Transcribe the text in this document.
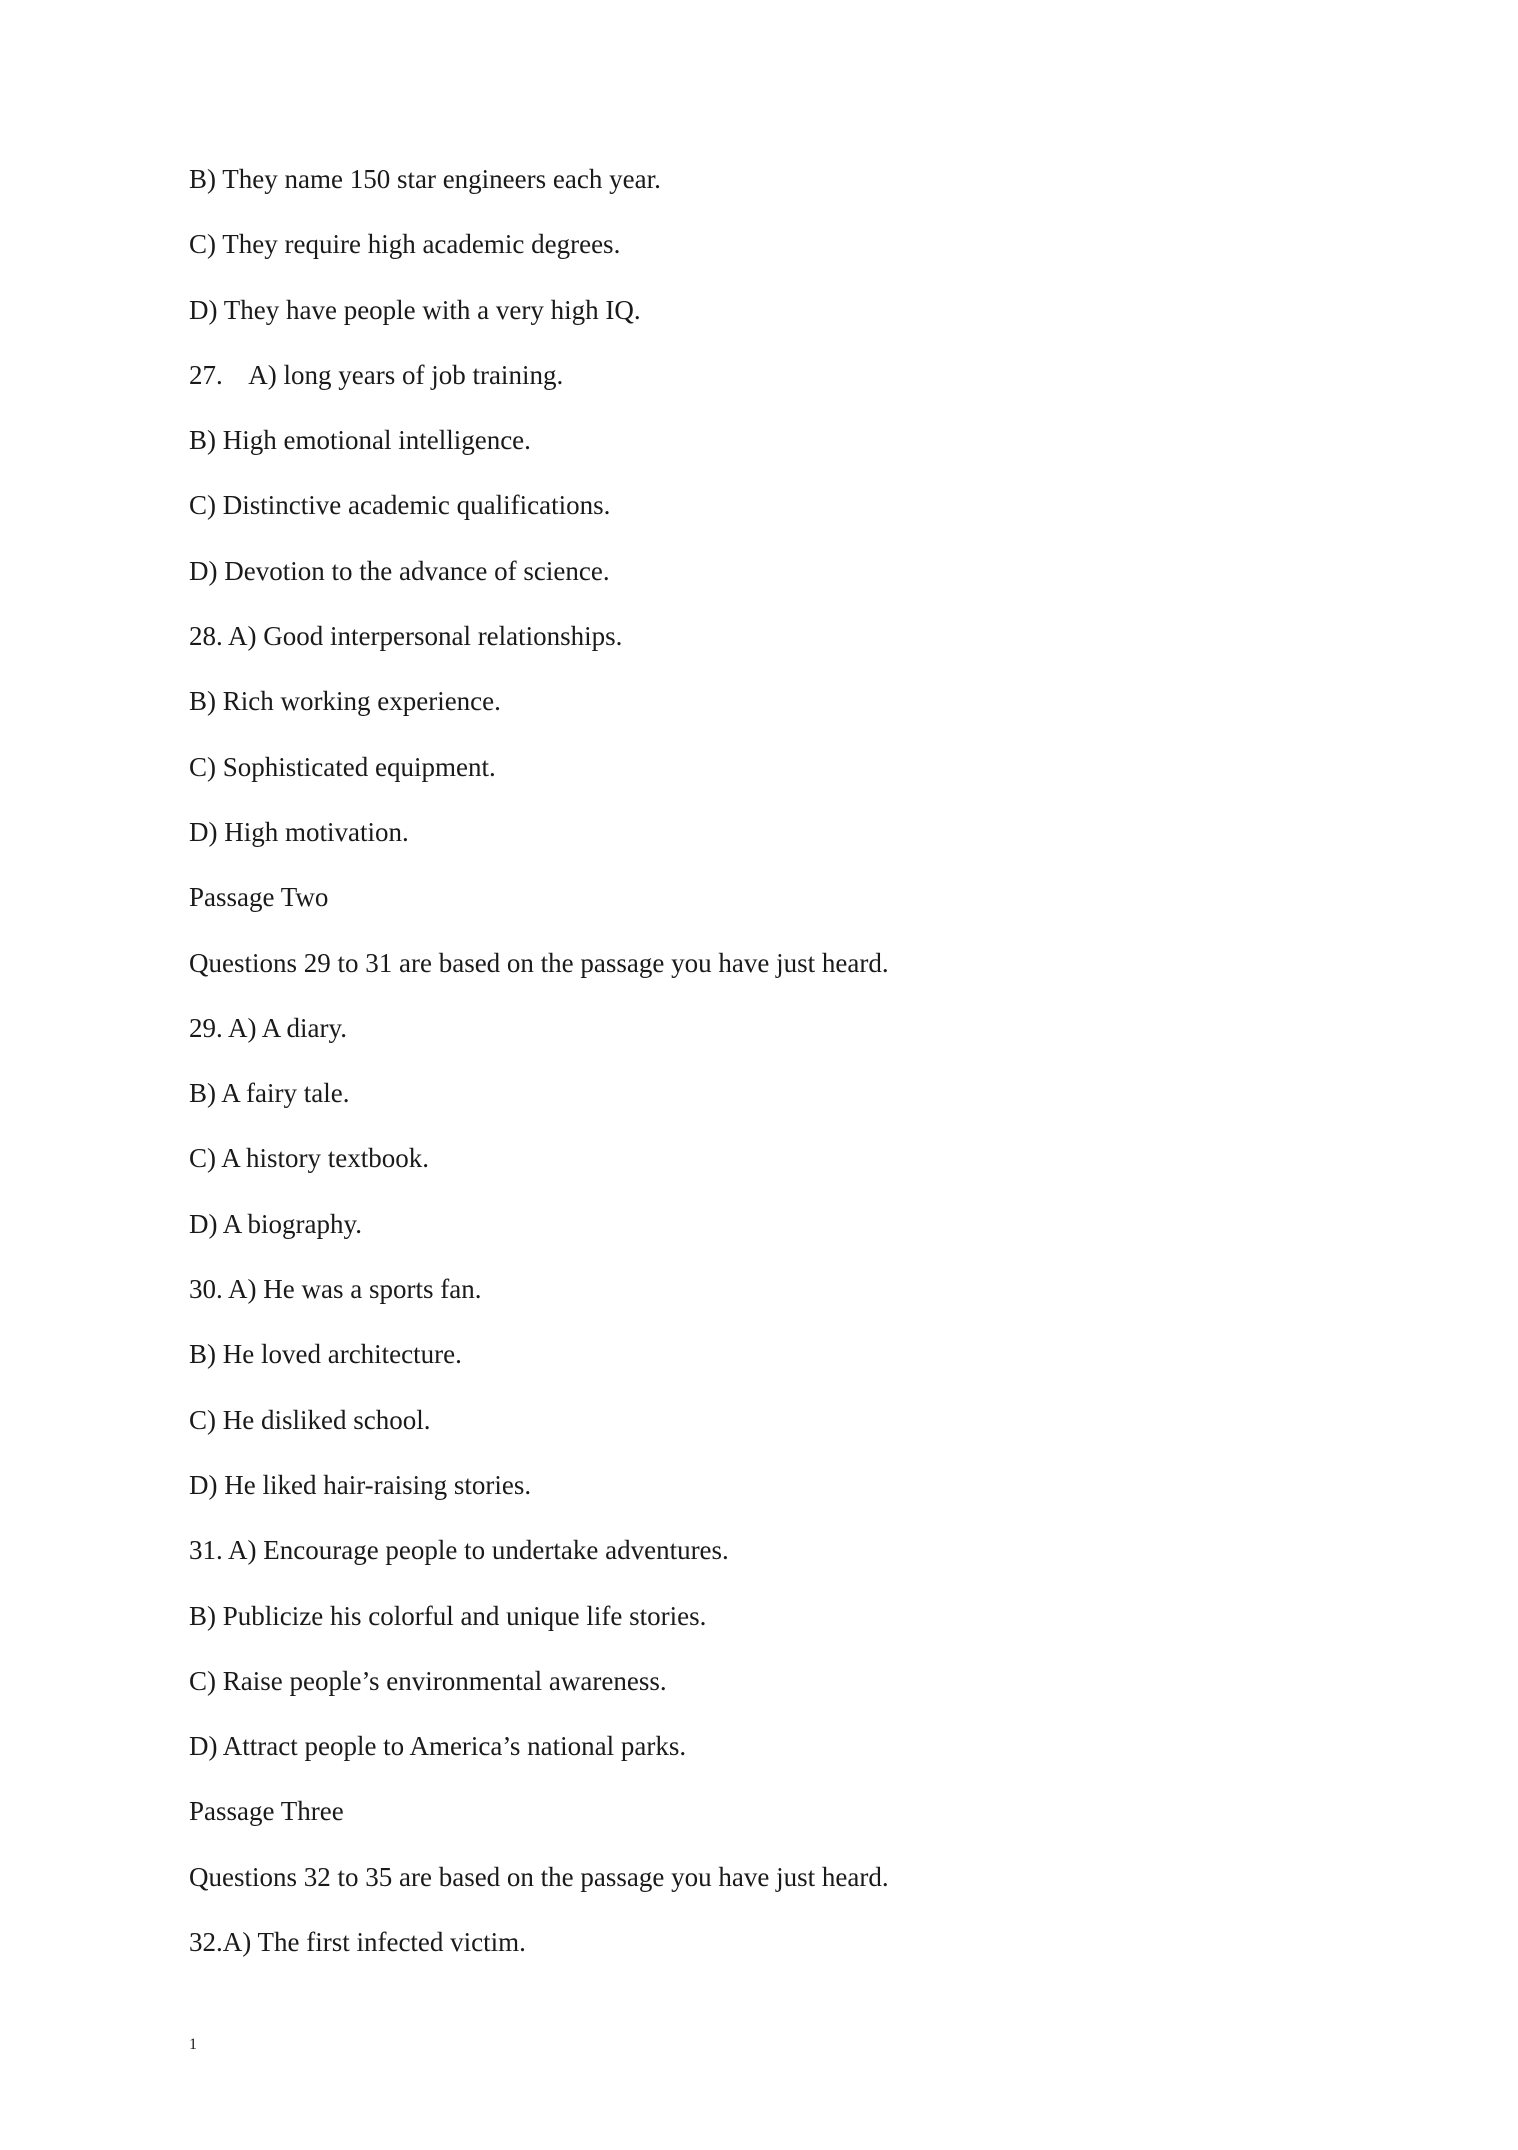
B) They name 150 star engineers each year.
C) They require high academic degrees.
D) They have people with a very high IQ.
27.    A) long years of job training.
B) High emotional intelligence.
C) Distinctive academic qualifications.
D) Devotion to the advance of science.
28. A) Good interpersonal relationships.
B) Rich working experience.
C) Sophisticated equipment.
D) High motivation.
Passage Two
Questions 29 to 31 are based on the passage you have just heard.
29. A) A diary.
B) A fairy tale.
C) A history textbook.
D) A biography.
30. A) He was a sports fan.
B) He loved architecture.
C) He disliked school.
D) He liked hair-raising stories.
31. A) Encourage people to undertake adventures.
B) Publicize his colorful and unique life stories.
C) Raise people’s environmental awareness.
D) Attract people to America’s national parks.
Passage Three
Questions 32 to 35 are based on the passage you have just heard.
32.A) The first infected victim.
1
